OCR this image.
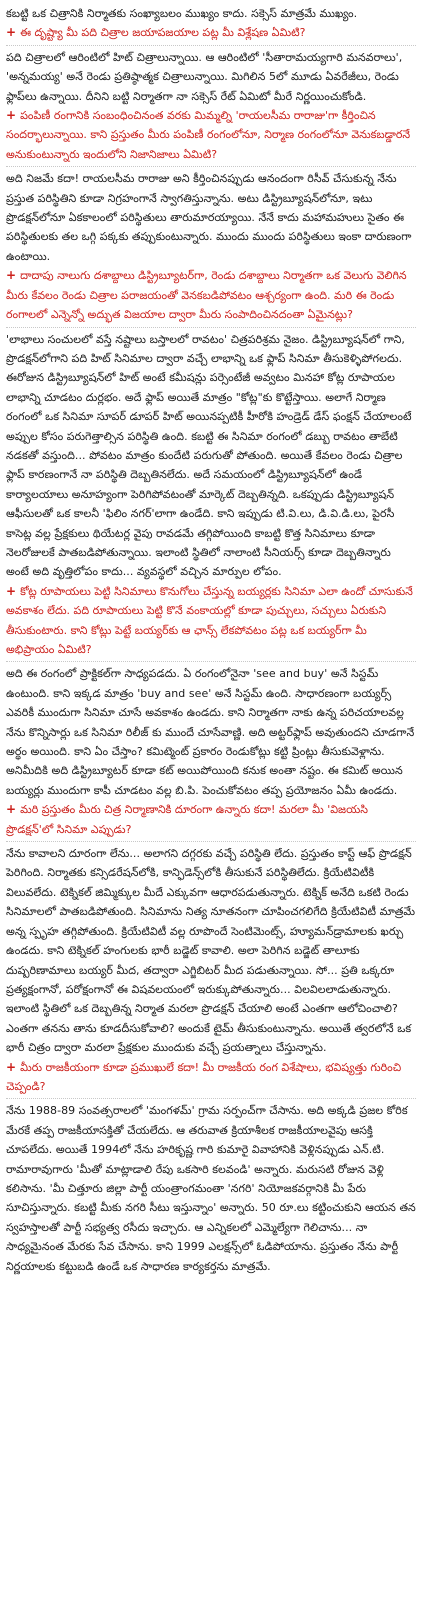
కబట్టి ఒక చిత్రానికి నిర్మాతకు సంఖ్యాబలం ముఖ్యం కాదు. సక్సెస్ మాత్రమే ముఖ్యం.

+ ఈ దృష్ట్యా మీ పది చిత్రాల జయాపజయాల పట్ల మీ విశ్లేషణ ఏమిటి?

పది చిత్రాలలో ఆరింటిలో హిట్ చిత్రాలున్నాయి. ఆ ఆరింటిలో 'సీతారామయ్యగారి మనవరాలు', 'అన్నమయ్య' అనే రెండు ప్రతిష్ఠాత్మక చిత్రాలున్నాయి. మిగిలిన 5లో మూడు ఏవరేజీలు, రెండు ఫ్లాప్‌లు ఉన్నాయి. దీనిని బట్టి నిర్మాతగా నా సక్సెస్ రేట్ ఏమిటో మీరే నిర్ణయించుకోండి.

+ పంపిణీ రంగానికి సంబంధించినంత వరకు మిమ్మల్ని 'రాయలసీమ రారాజు'గా కీర్తించిన సందర్భాలున్నాయి. కాని ప్రస్తుతం మీరు పంపిణీ రంగంలోనూ, నిర్మాణ రంగంలోనూ వెనుకబడ్డారనే అనుకుంటున్నారు ఇందులోని నిజానిజాలు ఏమిటి?

అది నిజమే కదా! రాయలసీమ రారాజు అని కీర్తించినప్పుడు ఆనందంగా రిసీవ్ చేసుకున్న నేను ప్రస్తుత పరిస్థితిని కూడా నిగ్రహంగానే స్వాగతిస్తున్నాను. అటు డిస్ట్రిబ్యూషన్‌లోనూ, ఇటు ప్రొడక్షన్‌లోనూ ఏకకాలంలో పరిస్థితులు తారుమారయ్యాయి. నేనే కాదు మహామహులు సైతం ఈ పరిస్థితులకు తల ఒగ్గి పక్కకు తప్పుకుంటున్నారు. ముందు ముందు పరిస్థితులు ఇంకా దారుణంగా ఉంటాయి.

+ దాదాపు నాలుగు దశాబ్దాలు డిస్ట్రిబ్యూటర్‌గా, రెండు దశాబ్దాలు నిర్మాతగా ఒక వెలుగు వెలిగిన మీరు కేవలం రెండు చిత్రాల పరాజయంతో వెనకబడిపోవటం ఆశ్చర్యంగా ఉంది. మరి ఈ రెండు రంగాలలో ఎన్నెన్నో అద్భుత విజయాల ద్వారా మీరు సంపాదించినదంతా ఏమైనట్లు?

'లాభాలు సంచులలో వస్తే నష్టాలు బస్తాలలో రావటం' చిత్రపరిశ్రమ నైజం. డిస్ట్రిబ్యూషన్‌లో గాని, ప్రొడక్షన్‌లోగాని పది హిట్ సినిమాల ద్వారా వచ్చే లాభాన్ని ఒక ఫ్లాప్ సినిమా తీసుకెళ్ళిపోగలదు. ఈరోజున డిస్ట్రిబ్యూషన్‌లో హిట్ అంటే కమీషన్లు పర్సెంటేజీ అవ్వటం మినహా కోట్ల రూపాయల లాభాన్ని చూడటం దుర్లభం. అదే ఫ్లాప్ అయితే మాత్రం "కోట్ల"కు కొట్టేస్తాయి. అలాగే నిర్మాణ రంగంలో ఒక సినిమా సూపర్ డూపర్ హిట్ అయినప్పటికీ హీరోకి హండ్రెడ్ డేస్ ఫంక్షన్ చేయాలంటే అప్పుల కోసం పరుగెత్తాల్సిన పరిస్థితి ఉంది. కబట్టి ఈ సినిమా రంగంలో డబ్బు రావటం తాబేటి నడకతో వస్తుంది... పోవటం మాత్రం కుందేటి పరుగుతో పోతుంది. అయితే కేవలం రెండు చిత్రాల ఫ్లాప్ కారణంగానే నా పరిస్థితి దెబ్బతినలేదు. అదే సమయంలో డిస్ట్రిబ్యూషన్‌లో ఉండే కార్యాలయాలు అనూహ్యంగా పెరిగిపోవటంతో మార్కెట్ దెబ్బతిన్నది. ఒకప్పుడు డిస్ట్రిబ్యూషన్ ఆఫీసులతో ఒక కాలనీ 'ఫిలిం నగర్'లాగా ఉండేది. కాని ఇప్పుడు టి.వి.లు, డి.వి.డి.లు, పైరసీ కాసెట్ల వల్ల ప్రేక్షకులు థియేటర్ల వైపు రావడమే తగ్గిపోయింది కాబట్టి కొత్త సినిమాలు కూడా నెలరోజులకే పాతబడిపోతున్నాయి. ఇలాంటి స్థితిలో నాలాంటి సీనియర్స్ కూడా దెబ్బతిన్నారు అంటే అది వృత్తిలోపం కాదు... వ్యవస్థలో వచ్చిన మార్పుల లోపం.

+ కోట్ల రూపాయలు పెట్టి సినిమాలు కొనుగోలు చేస్తున్న బయ్యర్లకు సినిమా ఎలా ఉందో చూసుకునే అవకాశం లేదు. పది రూపాయలు పెట్టి కొనే వంకాయల్లో కూడా పుచ్చులు, సచ్చులు ఏరుకుని తీసుకుంటారు. కాని కోట్లు పెట్టే బయ్యర్‌కు ఆ ఛాన్స్ లేకపోవటం పట్ల ఒక బయ్యర్‌గా మీ అభిప్రాయం ఏమిటి?

అది ఈ రంగంలో ప్రాక్టికల్‌గా సాధ్యపడదు. ఏ రంగంలోనైనా 'see and buy' అనే సిస్టమ్ ఉంటుంది. కాని ఇక్కడ మాత్రం 'buy and see' అనే సిస్టమ్ ఉంది. సాధారణంగా బయ్యర్స్ ఎవరికీ ముందుగా సినిమా చూసే అవకాశం ఉండదు. కాని నిర్మాతగా నాకు ఉన్న పరిచయాలవల్ల నేను కొన్నిసార్లు ఒక సినిమా రిలీజ్ కు ముందే చూసేవాణ్ణి. అది అట్టర్‌ఫ్లాప్ అవుతుందని చూడగానే అర్థం అయింది. కాని ఏం చేస్తాం? కమిట్మెంట్ ప్రకారం రెండుకోట్లు కట్టి ప్రింట్లు తీసుకువెళ్లాను. అనిమీదికి అది డిస్ట్రిబ్యూటర్ కూడా కట్ అయిపోయింది కనుక అంతా నష్టం. ఈ కమిట్ అయిన బయ్యర్లు ముందుగా కాపీ చూడటం వల్ల బి.పి. పెంచుకోవటం తప్ప ప్రయోజనం ఏమీ ఉండదు.

+ మరి ప్రస్తుతం మీరు చిత్ర నిర్మాణానికి దూరంగా ఉన్నారు కదా! మరలా మీ 'విజయసి ప్రొడక్షన్'లో సినిమా ఎప్పుడు?

నేను కావాలని దూరంగా లేను... అలాగని దగ్గరకు వచ్చే పరిస్థితి లేదు. ప్రస్తుతం కాస్ట్ ఆఫ్ ప్రొడక్షన్ పెరిగింది. నిర్మాతకు కన్సిడరేషన్‌లోకి, కాన్ఫిడెన్స్‌లోకి తీసుకునే పరిస్థితిలేదు. క్రియేటివిటీకి విలువలేదు. టెక్నికల్ జిమ్మిక్కుల మీదే ఎక్కువగా ఆధారపడుతున్నారు. టెక్నిక్ అనేది ఒకటి రెండు సినిమాలలో పాతబడిపోతుంది. సినిమాను నిత్య నూతనంగా చూపించగలిగేది క్రియేటివిటీ మాత్రమే అన్న స్పృహ తగ్గిపోతుంది. క్రియేటివిటీ వల్ల రూపొందే సెంటిమెంట్స్, హ్యూమన్‌డ్రామాలకు ఖర్చు ఉండదు. కాని టెక్నికల్ హంగులకు భారీ బడ్జెట్ కావాలి. అలా పెరిగిన బడ్జెట్ తాలూకు దుష్పరిణామాలు బయ్యర్ మీద, తద్వారా ఎగ్జిబిటర్ మీద పడుతున్నాయి. సో... ప్రతి ఒక్కరూ ప్రత్యక్షంగానో, పరోక్షంగానో ఈ విషవలయంలో ఇరుక్కుపోతున్నారు... విలవిలలాడుతున్నారు. ఇలాంటి స్థితిలో ఒక దెబ్బతిన్న నిర్మాత మరలా ప్రొడక్షన్ చేయాలి అంటే ఎంతగా ఆలోచించాలి? ఎంతగా తనను తాను కూడదీసుకోవాలి? అందుకే టైమ్ తీసుకుంటున్నాను. అయితే త్వరలోనే ఒక భారీ చిత్రం ద్వారా మరలా ప్రేక్షకుల ముందుకు వచ్చే ప్రయత్నాలు చేస్తున్నాను.

+ మీరు రాజకీయంగా కూడా ప్రముఖులే కదా! మీ రాజకీయ రంగ విశేషాలు, భవిష్యత్తు గురించి చెప్పండి?

నేను 1988-89 సంవత్సరాలలో 'మంగళమ్' గ్రామ సర్పంచ్‌గా చేసాను. అది అక్కడి ప్రజల కోరిక మేరకే తప్ప రాజకీయాసక్తితో చేయలేదు. ఆ తరువాత క్రియాశీలక రాజకీయాలవైపు ఆసక్తి చూపలేదు. అయితే 1994లో నేను హరికృష్ణ గారి కుమారై వివాహానికి వెళ్లినప్పుడు ఎన్.టి. రామారావుగారు 'మీతో మాట్లాడాలి రేపు ఒకసారి కలవండి' అన్నారు. మరుసటి రోజున వెళ్లి కలిసాను. 'మీ చిత్తూరు జిల్లా పార్టీ యంత్రాంగమంతా 'నగరి' నియోజకవర్గానికి మీ పేరు సూచిస్తున్నారు. కబట్టి మీకు నగరి సీటు ఇస్తున్నాం' అన్నారు. 50 రూ.లు కట్టించుకుని ఆయన తన స్వహస్తాలతో పార్టీ సభ్యత్వ రసీదు ఇచ్చారు. ఆ ఎన్నికలలో ఎమ్మెల్యేగా గెలిచాను... నా సాధ్యమైనంత మేరకు సేవ చేసాను. కాని 1999 ఎలక్షన్స్‌లో ఓడిపోయాను. ప్రస్తుతం నేను పార్టీ నిర్ణయాలకు కట్టుబడి ఉండే ఒక సాధారణ కార్యకర్తను మాత్రమే.
